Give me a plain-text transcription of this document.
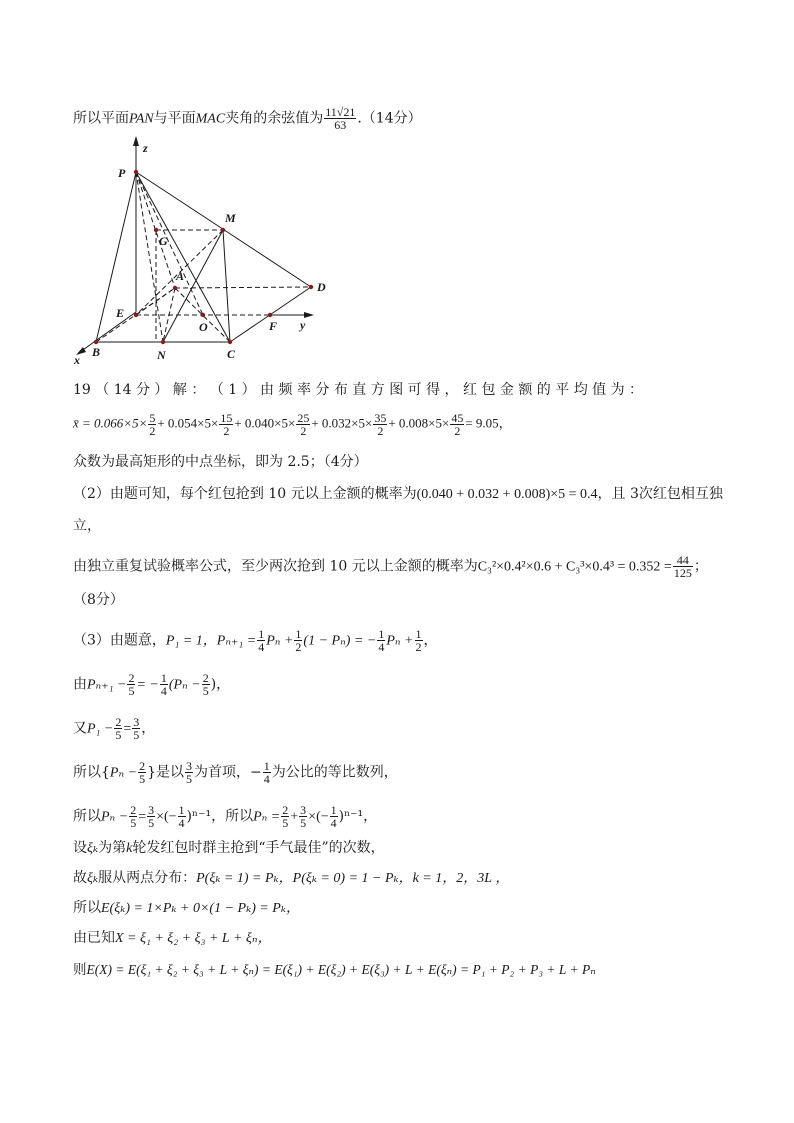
所以平面PAN与平面MAC夹角的余弦值为 $\frac{11√21}{63} .(14$分）
z
P
M
G
A
D
E
O	F y
B	N	C
x
19 （ 14 分 ） 解 ： （ 1 ） 由 频 率 分 布 直 方 图 可 得 ， 红 包 金 额 的 平 均 值 为 ：
x̄ = $0.066\times 5\times \frac{5}{2} + 0.054\times 5\times \frac{15}{2} + 0.040\times 5\times \frac{25}{2} + 0.032\times 5\times \frac{35}{2} + 0.008\times 5\times \frac{45}{2} = 9.05$，
众数为最高矩形的中点坐标，即为 2.5；（4分）
（2）由题可知，每个红包抢到 10 元以上金额的概率为(0.040 + 0.032 + 0.008)×5 = 0.4，且 3次红包相互独
立，
由独立重复试验概率公式，至少两次抢到 10 元以上金额的概率为$C_3^2\times 0.4^2\times 0.6 + C_3^3\times 0.4^3 = 0.352 = \frac{44}{125}$ ；
（8分）
（3）由题意，P₁ = 1，$P_{n+1} = \frac{1}{4}$ $P_n + \frac{1}{2} (1 - P_n)$ = − $\frac{1}{4}$ $P_n + \frac{1}{2}$ ，
由$P_{n+1} - \frac{2}{5}$ = − $\frac{1}{4} (P_n - \frac{2}{5}$ )，
又$P_1 - \frac{2}{5} = \frac{3}{5}$ ，
所以{$P_n - \frac{2}{5}$ }是以 $\frac{3}{5}$ 为首项，− $\frac{1}{4}$ 为公比的等比数列，
所以$P_n - \frac{2}{5} = \frac{3}{5}$ ×(− $\frac{1}{4} )^{n-1}$，所以$P_n = \frac{2}{5} + \frac{3}{5}$ ×(− $\frac{1}{4} )^{n-1}$，
设ξₖ为第k轮发红包时群主抢到“手气最佳”的次数，
故ξₖ服从两点分布：P(ξₖ = 1) = Pₖ，P(ξₖ = 0) = 1 − Pₖ，k = 1，2，3L ，
所以E(ξₖ) = 1×Pₖ + 0×(1 − Pₖ) = Pₖ，
由已知X = ξ₁ + ξ₂ + ξ₃ + L + ξₙ，
则E(X) = E(ξ₁ + ξ₂ + ξ₃ + L + ξₙ) = E(ξ₁) + E(ξ₂) + E(ξ₃) + L + E(ξₙ) = P₁ + P₂ + P₃ + L + Pₙ
